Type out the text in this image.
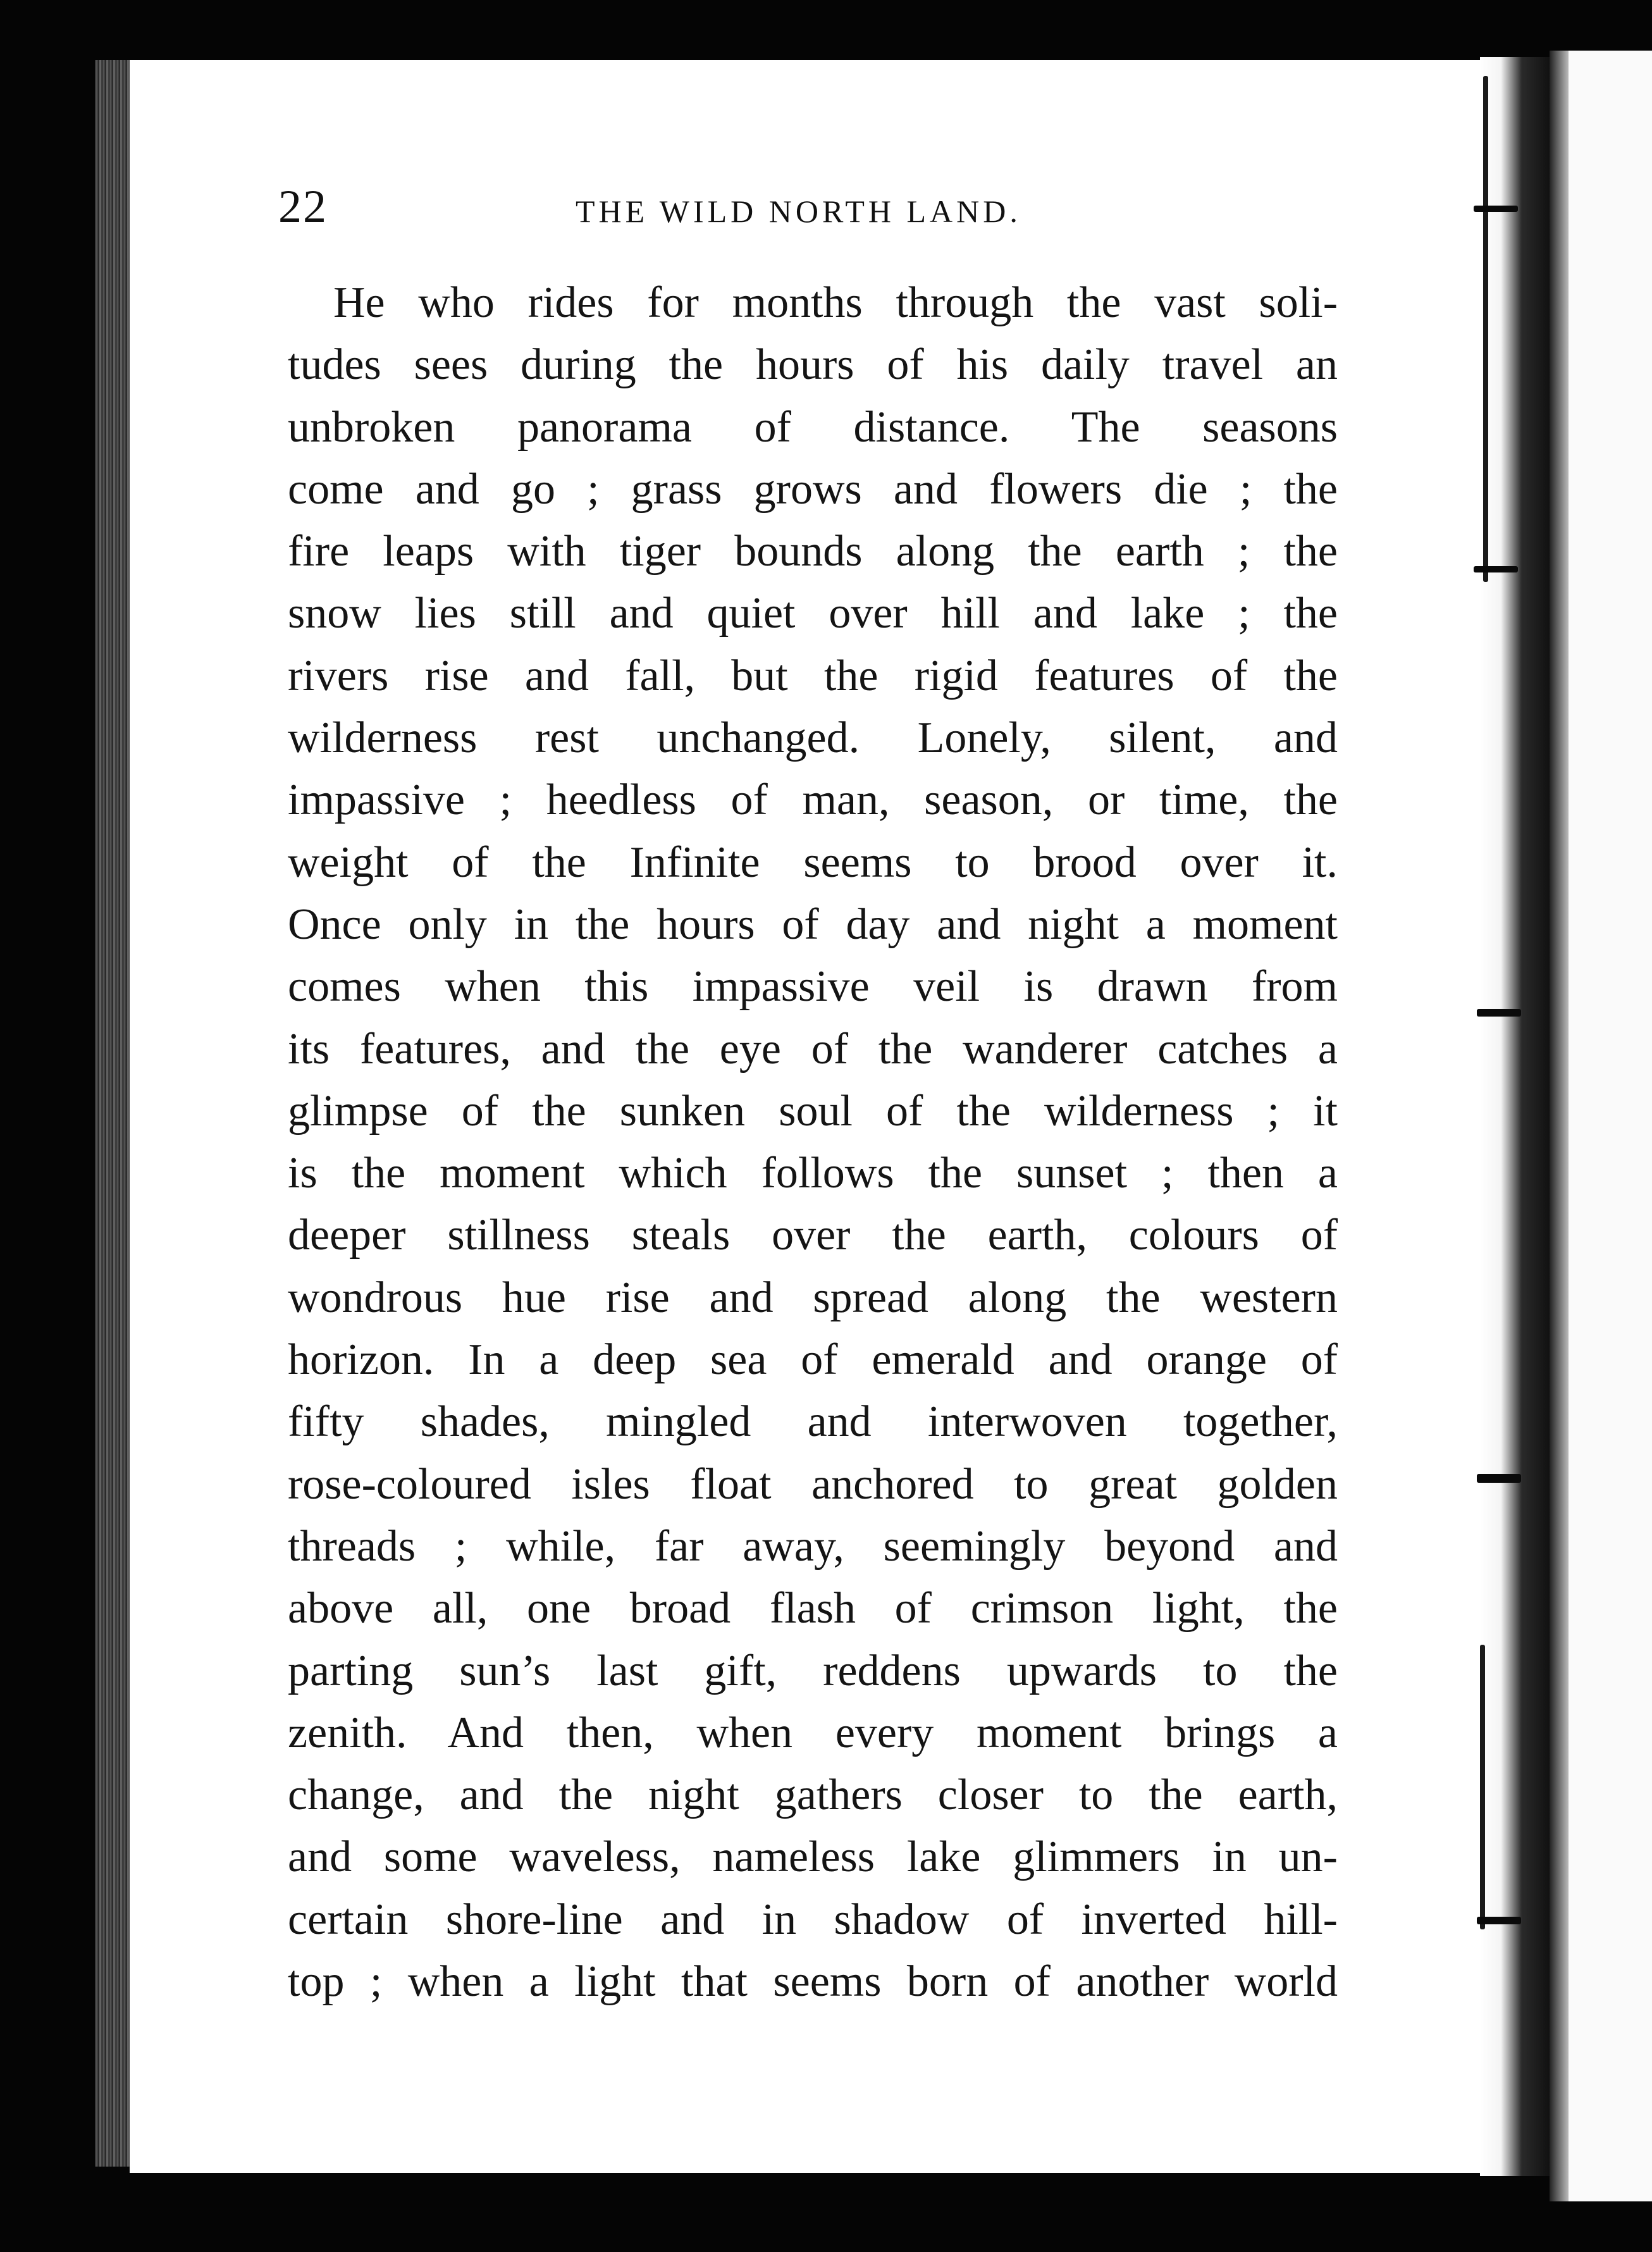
22	THE WILD NORTH LAND.
He who rides for months through the vast soli-
tudes sees during the hours of his daily travel an
unbroken panorama of distance. The seasons
come and go ; grass grows and flowers die ; the
fire leaps with tiger bounds along the earth ; the
snow lies still and quiet over hill and lake ; the
rivers rise and fall, but the rigid features of the
wilderness rest unchanged. Lonely, silent, and
impassive ; heedless of man, season, or time, the
weight of the Infinite seems to brood over it.
Once only in the hours of day and night a moment
comes when this impassive veil is drawn from
its features, and the eye of the wanderer catches a
glimpse of the sunken soul of the wilderness ; it
is the moment which follows the sunset ; then a
deeper stillness steals over the earth, colours of
wondrous hue rise and spread along the western
horizon. In a deep sea of emerald and orange of
fifty shades, mingled and interwoven together,
rose-coloured isles float anchored to great golden
threads ; while, far away, seemingly beyond and
above all, one broad flash of crimson light, the
parting sun’s last gift, reddens upwards to the
zenith. And then, when every moment brings a
change, and the night gathers closer to the earth,
and some waveless, nameless lake glimmers in un-
certain shore-line and in shadow of inverted hill-
top ; when a light that seems born of another world
